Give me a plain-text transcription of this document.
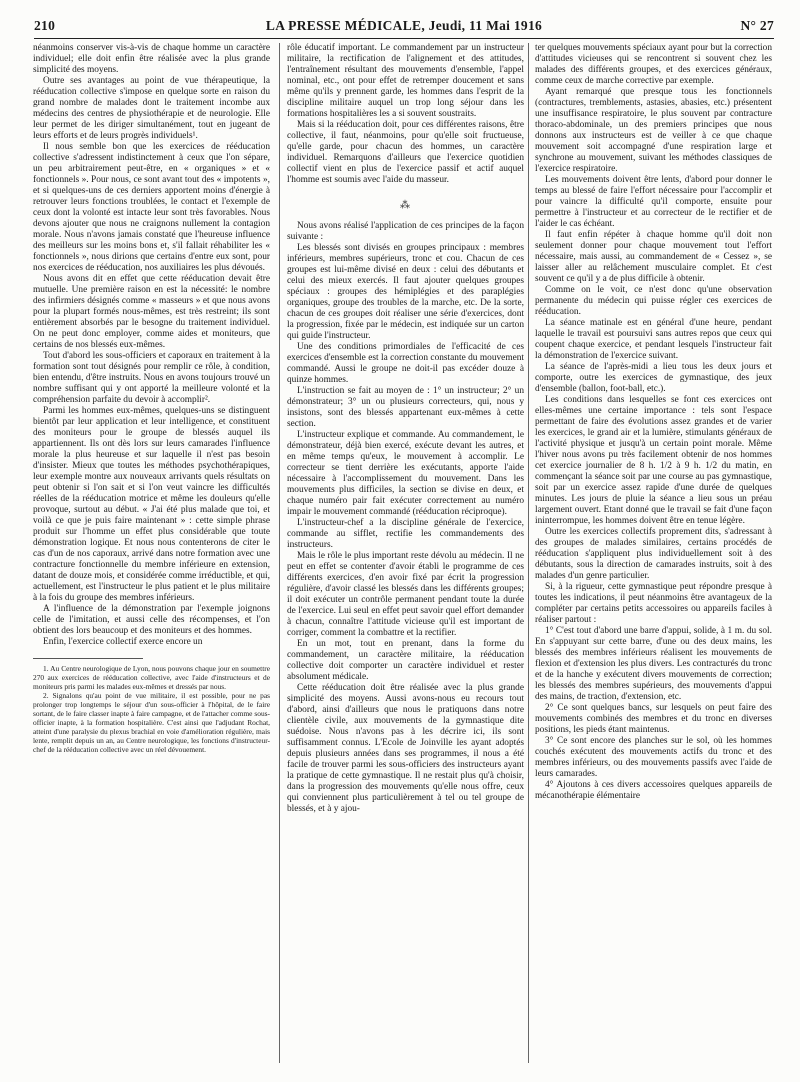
210	LA PRESSE MÉDICALE, Jeudi, 11 Mai 1916	N° 27

néanmoins conserver vis-à-vis de chaque homme un caractère individuel; elle doit enfin être réalisée avec la plus grande simplicité des moyens.

Outre ses avantages au point de vue thérapeutique, la rééducation collective s'impose en quelque sorte en raison du grand nombre de malades dont le traitement incombe aux médecins des centres de physiothérapie et de neurologie. Elle leur permet de les diriger simultanément, tout en jugeant de leurs efforts et de leurs progrès individuels¹.

Il nous semble bon que les exercices de rééducation collective s'adressent indistinctement à ceux que l'on sépare, un peu arbitrairement peut-être, en « organiques » et « fonctionnels ». Pour nous, ce sont avant tout des « impotents », et si quelques-uns de ces derniers apportent moins d'énergie à retrouver leurs fonctions troublées, le contact et l'exemple de ceux dont la volonté est intacte leur sont très favorables. Nous devons ajouter que nous ne craignons nullement la contagion morale. Nous n'avons jamais constaté que l'heureuse influence des meilleurs sur les moins bons et, s'il fallait réhabiliter les « fonctionnels », nous dirions que certains d'entre eux sont, pour nos exercices de rééducation, nos auxiliaires les plus dévoués.

Nous avons dit en effet que cette rééducation devait être mutuelle. Une première raison en est la nécessité: le nombre des infirmiers désignés comme « masseurs » et que nous avons pour la plupart formés nous-mêmes, est très restreint; ils sont entièrement absorbés par le besogne du traitement individuel. On ne peut donc employer, comme aides et moniteurs, que certains de nos blessés eux-mêmes.

Tout d'abord les sous-officiers et caporaux en traitement à la formation sont tout désignés pour remplir ce rôle, à condition, bien entendu, d'être instruits. Nous en avons toujours trouvé un nombre suffisant qui y ont apporté la meilleure volonté et la compréhension parfaite du devoir à accomplir².

Parmi les hommes eux-mêmes, quelques-uns se distinguent bientôt par leur application et leur intelligence, et constituent des moniteurs pour le groupe de blessés auquel ils appartiennent. Ils ont dès lors sur leurs camarades l'influence morale la plus heureuse et sur laquelle il n'est pas besoin d'insister. Mieux que toutes les méthodes psychothérapiques, leur exemple montre aux nouveaux arrivants quels résultats on peut obtenir si l'on sait et si l'on veut vaincre les difficultés réelles de la rééducation motrice et même les douleurs qu'elle provoque, surtout au début. « J'ai été plus malade que toi, et voilà ce que je puis faire maintenant » : cette simple phrase produit sur l'homme un effet plus considérable que toute démonstration logique. Et nous nous contenterons de citer le cas d'un de nos caporaux, arrivé dans notre formation avec une contracture fonctionnelle du membre inférieure en extension, datant de douze mois, et considérée comme irréductible, et qui, actuellement, est l'instructeur le plus patient et le plus militaire à la fois du groupe des membres inférieurs.

A l'influence de la démonstration par l'exemple joignons celle de l'imitation, et aussi celle des récompenses, et l'on obtient des lors beaucoup et des moniteurs et des hommes.

Enfin, l'exercice collectif exerce encore un

1. Au Centre neurologique de Lyon, nous pouvons chaque jour en soumettre 270 aux exercices de rééducation collective, avec l'aide d'instructeurs et de moniteurs pris parmi les malades eux-mêmes et dressés par nous.

2. Signalons qu'au point de vue militaire, il est possible, pour ne pas prolonger trop longtemps le séjour d'un sous-officier à l'hôpital, de le faire sortant, de le faire classer inapte à faire campagne, et de l'attacher comme sous-officier inapte, à la formation hospitalière. C'est ainsi que l'adjudant Rochat, atteint d'une paralysie du plexus brachial en voie d'amélioration régulière, mais lente, remplit depuis un an, au Centre neurologique, les fonctions d'instructeur-chef de la rééducation collective avec un réel dévouement.

rôle éducatif important. Le commandement par un instructeur militaire, la rectification de l'alignement et des attitudes, l'entraînement résultant des mouvements d'ensemble, l'appel nominal, etc., ont pour effet de retremper doucement et sans même qu'ils y prennent garde, les hommes dans l'esprit de la discipline militaire auquel un trop long séjour dans les formations hospitalières les a si souvent soustraits.

Mais si la rééducation doit, pour ces différentes raisons, être collective, il faut, néanmoins, pour qu'elle soit fructueuse, qu'elle garde, pour chacun des hommes, un caractère individuel. Remarquons d'ailleurs que l'exercice quotidien collectif vient en plus de l'exercice passif et actif auquel l'homme est soumis avec l'aide du masseur.

⁂

Nous avons réalisé l'application de ces principes de la façon suivante :

Les blessés sont divisés en groupes principaux : membres inférieurs, membres supérieurs, tronc et cou. Chacun de ces groupes est lui-même divisé en deux : celui des débutants et celui des mieux exercés. Il faut ajouter quelques groupes spéciaux : groupes des hémiplégies et des paraplégies organiques, groupe des troubles de la marche, etc. De la sorte, chacun de ces groupes doit réaliser une série d'exercices, dont la progression, fixée par le médecin, est indiquée sur un carton qui guide l'instructeur.

Une des conditions primordiales de l'efficacité de ces exercices d'ensemble est la correction constante du mouvement commandé. Aussi le groupe ne doit-il pas excéder douze à quinze hommes.

L'instruction se fait au moyen de : 1° un instructeur; 2° un démonstrateur; 3° un ou plusieurs correcteurs, qui, nous y insistons, sont des blessés appartenant eux-mêmes à cette section.

L'instructeur explique et commande. Au commandement, le démonstrateur, déjà bien exercé, exécute devant les autres, et en même temps qu'eux, le mouvement à accomplir. Le correcteur se tient derrière les exécutants, apporte l'aide nécessaire à l'accomplissement du mouvement. Dans les mouvements plus difficiles, la section se divise en deux, et chaque numéro pair fait exécuter correctement au numéro impair le mouvement commandé (rééducation réciproque).

L'instructeur-chef a la discipline générale de l'exercice, commande au sifflet, rectifie les commandements des instructeurs.

Mais le rôle le plus important reste dévolu au médecin. Il ne peut en effet se contenter d'avoir établi le programme de ces différents exercices, d'en avoir fixé par écrit la progression régulière, d'avoir classé les blessés dans les différents groupes; il doit exécuter un contrôle permanent pendant toute la durée de l'exercice. Lui seul en effet peut savoir quel effort demander à chacun, connaître l'attitude vicieuse qu'il est important de corriger, comment la combattre et la rectifier.

En un mot, tout en prenant, dans la forme du commandement, un caractère militaire, la rééducation collective doit comporter un caractère individuel et rester absolument médicale.

Cette rééducation doit être réalisée avec la plus grande simplicité des moyens. Aussi avons-nous eu recours tout d'abord, ainsi d'ailleurs que nous le pratiquons dans notre clientèle civile, aux mouvements de la gymnastique dite suédoise. Nous n'avons pas à les décrire ici, ils sont suffisamment connus. L'Ecole de Joinville les ayant adoptés depuis plusieurs années dans ses programmes, il nous a été facile de trouver parmi les sous-officiers des instructeurs ayant la pratique de cette gymnastique. Il ne restait plus qu'à choisir, dans la progression des mouvements qu'elle nous offre, ceux qui conviennent plus particulièrement à tel ou tel groupe de blessés, et à y ajou-

ter quelques mouvements spéciaux ayant pour but la correction d'attitudes vicieuses qui se rencontrent si souvent chez les malades des différents groupes, et des exercices généraux, comme ceux de marche corrective par exemple.

Ayant remarqué que presque tous les fonctionnels (contractures, tremblements, astasies, abasies, etc.) présentent une insuffisance respiratoire, le plus souvent par contracture thoraco-abdominale, un des premiers principes que nous donnons aux instructeurs est de veiller à ce que chaque mouvement soit accompagné d'une respiration large et synchrone au mouvement, suivant les méthodes classiques de l'exercice respiratoire.

Les mouvements doivent être lents, d'abord pour donner le temps au blessé de faire l'effort nécessaire pour l'accomplir et pour vaincre la difficulté qu'il comporte, ensuite pour permettre à l'instructeur et au correcteur de le rectifier et de l'aider le cas échéant.

Il faut enfin répéter à chaque homme qu'il doit non seulement donner pour chaque mouvement tout l'effort nécessaire, mais aussi, au commandement de « Cessez », se laisser aller au relâchement musculaire complet. Et c'est souvent ce qu'il y a de plus difficile à obtenir.

Comme on le voit, ce n'est donc qu'une observation permanente du médecin qui puisse régler ces exercices de rééducation.

La séance matinale est en général d'une heure, pendant laquelle le travail est poursuivi sans autres repos que ceux qui coupent chaque exercice, et pendant lesquels l'instructeur fait la démonstration de l'exercice suivant.

La séance de l'après-midi a lieu tous les deux jours et comporte, outre les exercices de gymnastique, des jeux d'ensemble (ballon, foot-ball, etc.).

Les conditions dans lesquelles se font ces exercices ont elles-mêmes une certaine importance : tels sont l'espace permettant de faire des évolutions assez grandes et de varier les exercices, le grand air et la lumière, stimulants généraux de l'activité physique et jusqu'à un certain point morale. Même l'hiver nous avons pu très facilement obtenir de nos hommes cet exercice journalier de 8 h. 1/2 à 9 h. 1/2 du matin, en commençant la séance soit par une course au pas gymnastique, soit par un exercice assez rapide d'une durée de quelques minutes. Les jours de pluie la séance a lieu sous un préau largement ouvert. Etant donné que le travail se fait d'une façon ininterrompue, les hommes doivent être en tenue légère.

Outre les exercices collectifs proprement dits, s'adressant à des groupes de malades similaires, certains procédés de rééducation s'appliquent plus individuellement soit à des débutants, sous la direction de camarades instruits, soit à des malades d'un genre particulier.

Si, à la rigueur, cette gymnastique peut répondre presque à toutes les indications, il peut néanmoins être avantageux de la compléter par certains petits accessoires ou appareils faciles à réaliser partout :

1° C'est tout d'abord une barre d'appui, solide, à 1 m. du sol. En s'appuyant sur cette barre, d'une ou des deux mains, les blessés des membres inférieurs réalisent les mouvements de flexion et d'extension les plus divers. Les contracturés du tronc et de la hanche y exécutent divers mouvements de correction; les blessés des membres supérieurs, des mouvements d'appui des mains, de traction, d'extension, etc.

2° Ce sont quelques bancs, sur lesquels on peut faire des mouvements combinés des membres et du tronc en diverses positions, les pieds étant maintenus.

3° Ce sont encore des planches sur le sol, où les hommes couchés exécutent des mouvements actifs du tronc et des membres inférieurs, ou des mouvements passifs avec l'aide de leurs camarades.

4° Ajoutons à ces divers accessoires quelques appareils de mécanothérapie élémentaire
